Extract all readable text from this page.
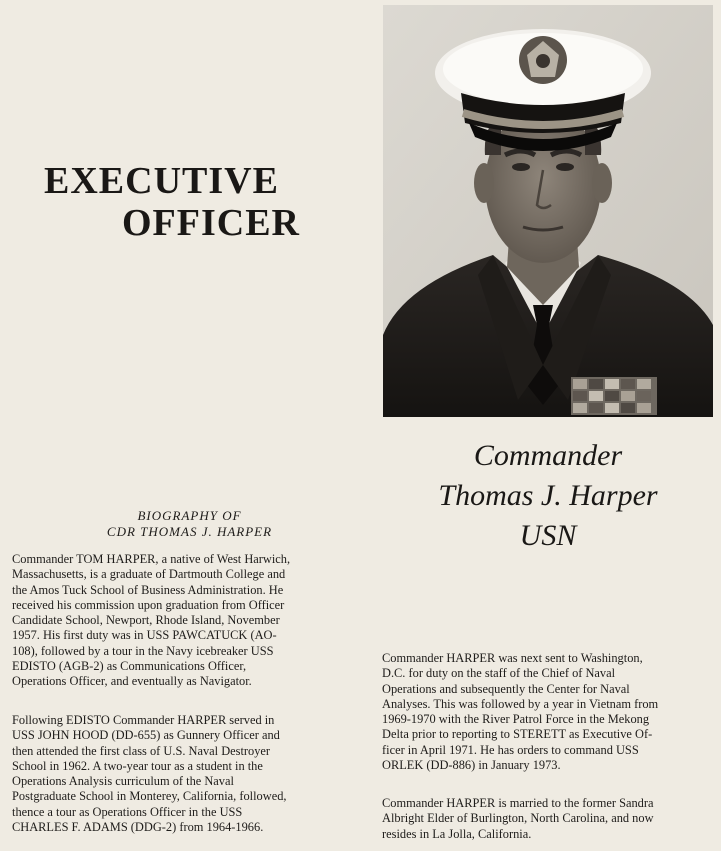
EXECUTIVE
OFFICER
Commander
Thomas J. Harper
USN
BIOGRAPHY OF
CDR THOMAS J. HARPER

Commander TOM HARPER, a native of West Harwich,
Massachusetts, is a graduate of Dartmouth College and
the Amos Tuck School of Business Administration. He
received his commission upon graduation from Officer
Candidate School, Newport, Rhode Island, November
1957. His first duty was in USS PAWCATUCK (AO-
108), followed by a tour in the Navy icebreaker USS
EDISTO (AGB-2) as Communications Officer,
Operations Officer, and eventually as Navigator.

Following EDISTO Commander HARPER served in
USS JOHN HOOD (DD-655) as Gunnery Officer and
then attended the first class of U.S. Naval Destroyer
School in 1962. A two-year tour as a student in the
Operations Analysis curriculum of the Naval
Postgraduate School in Monterey, California, followed,
thence a tour as Operations Officer in the USS
CHARLES F. ADAMS (DDG-2) from 1964-1966.

Commander HARPER was next sent to Washington,
D.C. for duty on the staff of the Chief of Naval
Operations and subsequently the Center for Naval
Analyses. This was followed by a year in Vietnam from
1969-1970 with the River Patrol Force in the Mekong
Delta prior to reporting to STERETT as Executive Of-
ficer in April 1971. He has orders to command USS
ORLEK (DD-886) in January 1973.

Commander HARPER is married to the former Sandra
Albright Elder of Burlington, North Carolina, and now
resides in La Jolla, California.
